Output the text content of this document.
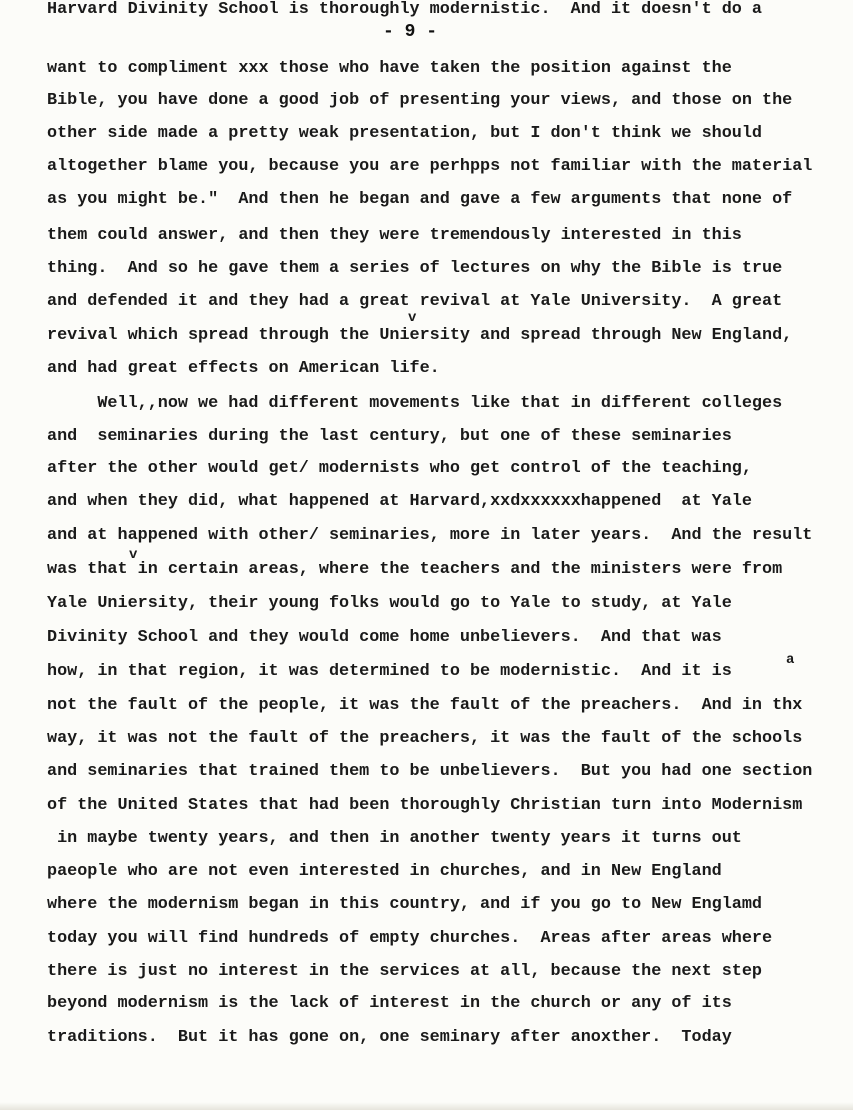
- 9 -
want to compliment xxx those who have taken the position against the
Bible, you have done a good job of presenting your views, and those on the
other side made a pretty weak presentation, but I don't think we should
altogether blame you, because you are perhpps not familiar with the material
as you might be."  And then he began and gave a few arguments that none of
them could answer, and then they were tremendously interested in this
thing.  And so he gave them a series of lectures on why the Bible is true
and defended it and they had a great revival at Yale University.  A great
revival which spread through the Uniersity and spread through New England,
and had great effects on American life.
Well,,now we had different movements like that in different colleges
and  seminaries during the last century, but one of these seminaries
after the other would get/ modernists who get control of the teaching,
and when they did, what happened at Harvard,xxdxxxxxxhappened  at Yale
and at happened with other/ seminaries, more in later years.  And the result
was that in certain areas, where the teachers and the ministers were from
Yale Uniersity, their young folks would go to Yale to study, at Yale
Divinity School and they would come home unbelievers.  And that was
how, in that region, it was determined to be modernistic.  And it is
not the fault of the people, it was the fault of the preachers.  And in thx
way, it was not the fault of the preachers, it was the fault of the schools
and seminaries that trained them to be unbelievers.  But you had one section
of the United States that had been thoroughly Christian turn into Modernism
in maybe twenty years, and then in another twenty years it turns out
paeople who are not even interested in churches, and in New England
where the modernism began in this country, and if you go to New Englamd
today you will find hundreds of empty churches.  Areas after areas where
there is just no interest in the services at all, because the next step
beyond modernism is the lack of interest in the church or any of its
traditions.  But it has gone on, one seminary after anoxther.  Today
Harvard Divinity School is thoroughly modernistic.  And it doesn't do a
v
v
a
